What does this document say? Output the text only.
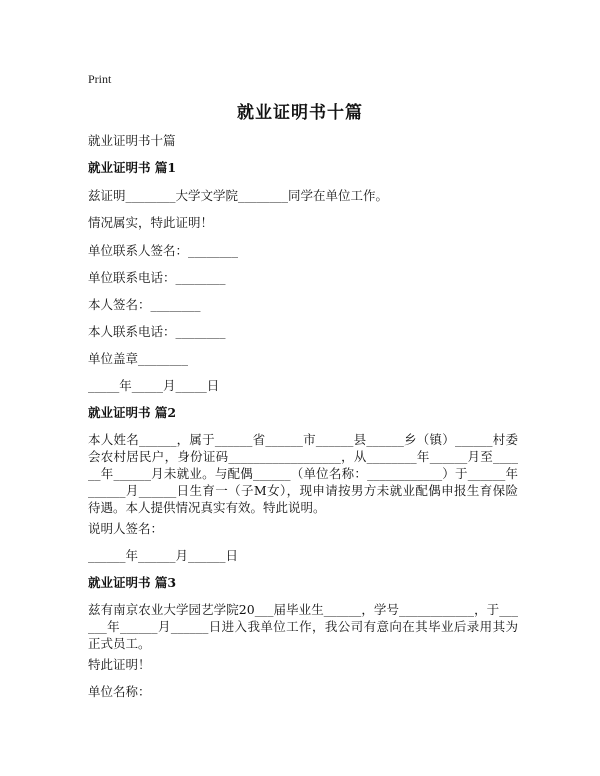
Print
就业证明书十篇

就业证明书十篇

就业证明书 篇1

兹证明________大学文学院________同学在单位工作。

情况属实，特此证明！

单位联系人签名：________

单位联系电话：________

本人签名：________

本人联系电话：________

单位盖章________

_____年_____月_____日

就业证明书 篇2

本人姓名______，属于______省______市______县______乡（镇）______村委会农村居民户，身份证码__________________，从________年______月至______年______月未就业。与配偶______（单位名称：____________）于______年______月______日生育一（子M女），现申请按男方未就业配偶申报生育保险待遇。本人提供情况真实有效。特此说明。

说明人签名：

______年______月______日

就业证明书 篇3

兹有南京农业大学园艺学院20___届毕业生______，学号____________，于______年______月______日进入我单位工作，我公司有意向在其毕业后录用其为正式员工。

特此证明！

单位名称：
